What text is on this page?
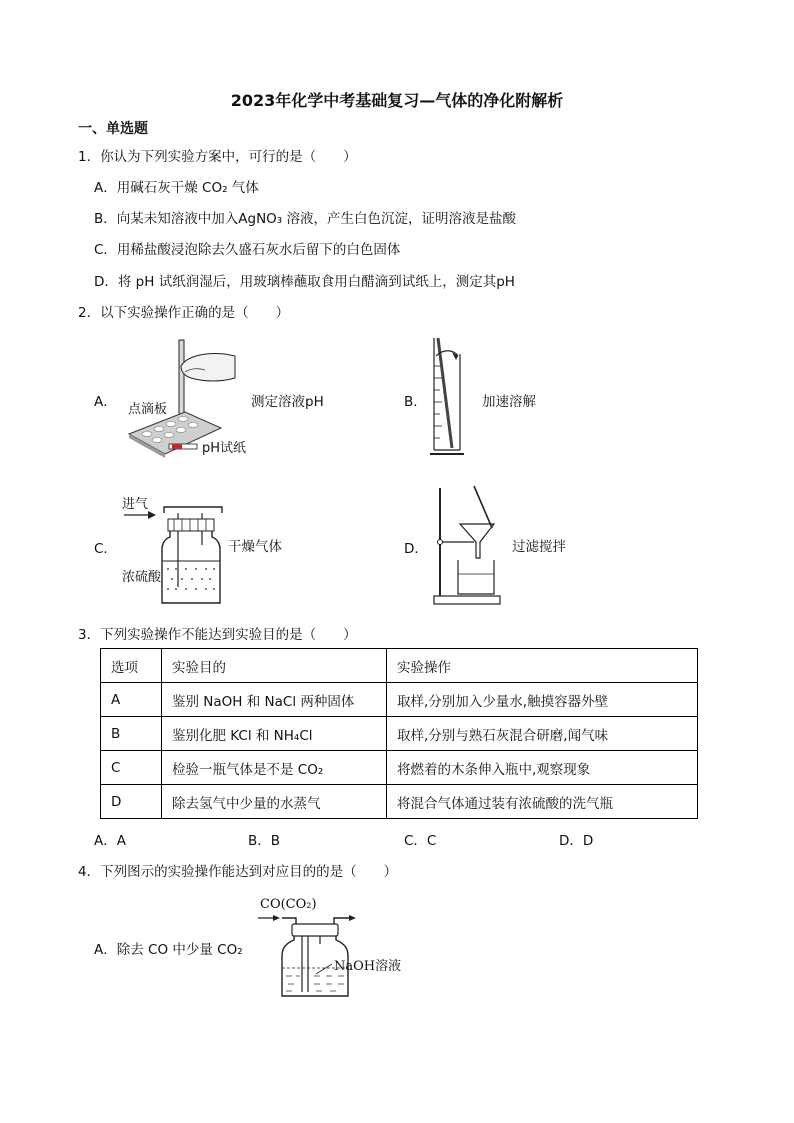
2023年化学中考基础复习—气体的净化附解析
一、单选题
1．你认为下列实验方案中，可行的是（　　）
A．用碱石灰干燥 CO₂ 气体
B．向某未知溶液中加入AgNO₃ 溶液，产生白色沉淀，证明溶液是盐酸
C．用稀盐酸浸泡除去久盛石灰水后留下的白色固体
D．将 pH 试纸润湿后，用玻璃棒蘸取食用白醋滴到试纸上，测定其pH
2．以下实验操作正确的是（　　）
A． 点滴板
pH试纸
测定溶液pH	B．	加速溶解
进气
C．
浓硫酸
干燥气体	D．	过滤搅拌
3．下列实验操作不能达到实验目的是（　　）
选项	实验目的	实验操作
A	鉴别 NaOH 和 NaCl 两种固体	取样,分别加入少量水,触摸容器外壁
B	鉴别化肥 KCl 和 NH₄Cl	取样,分别与熟石灰混合研磨,闻气味
C	检验一瓶气体是不是 CO₂	将燃着的木条伸入瓶中,观察现象
D	除去氢气中少量的水蒸气	将混合气体通过装有浓硫酸的洗气瓶
A．A	B．B	C．C	D．D
4．下列图示的实验操作能达到对应目的的是（　　）
A．除去 CO 中少量 CO₂
CO(CO₂)
NaOH溶液
